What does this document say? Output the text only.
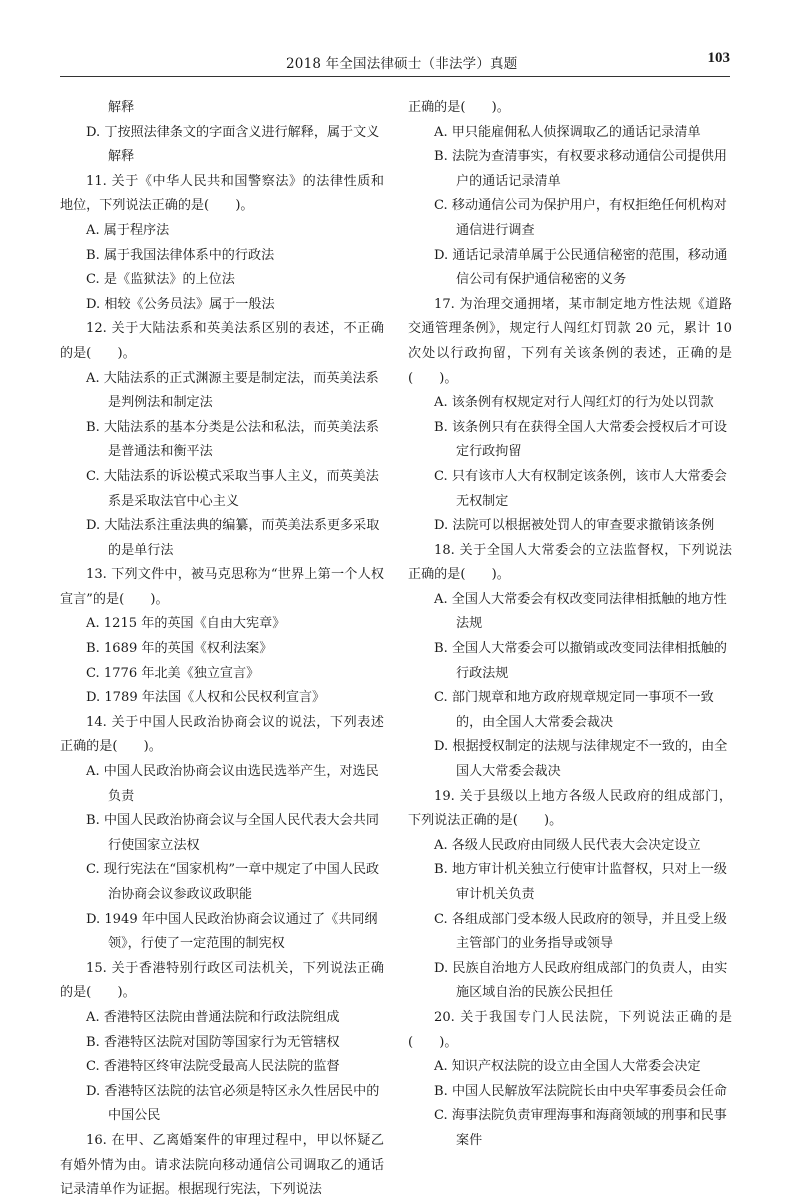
2018 年全国法律硕士（非法学）真题	103

解释

D. 丁按照法律条文的字面含义进行解释，属于文义解释

11. 关于《中华人民共和国警察法》的法律性质和地位，下列说法正确的是(　　)。

A. 属于程序法

B. 属于我国法律体系中的行政法

C. 是《监狱法》的上位法

D. 相较《公务员法》属于一般法

12. 关于大陆法系和英美法系区别的表述，不正确的是(　　)。

A. 大陆法系的正式渊源主要是制定法，而英美法系是判例法和制定法

B. 大陆法系的基本分类是公法和私法，而英美法系是普通法和衡平法

C. 大陆法系的诉讼模式采取当事人主义，而英美法系是采取法官中心主义

D. 大陆法系注重法典的编纂，而英美法系更多采取的是单行法

13. 下列文件中，被马克思称为“世界上第一个人权宣言”的是(　　)。

A. 1215 年的英国《自由大宪章》

B. 1689 年的英国《权利法案》

C. 1776 年北美《独立宣言》

D. 1789 年法国《人权和公民权利宣言》

14. 关于中国人民政治协商会议的说法，下列表述正确的是(　　)。

A. 中国人民政治协商会议由选民选举产生，对选民负责

B. 中国人民政治协商会议与全国人民代表大会共同行使国家立法权

C. 现行宪法在“国家机构”一章中规定了中国人民政治协商会议参政议政职能

D. 1949 年中国人民政治协商会议通过了《共同纲领》，行使了一定范围的制宪权

15. 关于香港特别行政区司法机关，下列说法正确的是(　　)。

A. 香港特区法院由普通法院和行政法院组成

B. 香港特区法院对国防等国家行为无管辖权

C. 香港特区终审法院受最高人民法院的监督

D. 香港特区法院的法官必须是特区永久性居民中的中国公民

16. 在甲、乙离婚案件的审理过程中，甲以怀疑乙有婚外情为由。请求法院向移动通信公司调取乙的通话记录清单作为证据。根据现行宪法，下列说法

正确的是(　　)。

A. 甲只能雇佣私人侦探调取乙的通话记录清单

B. 法院为查清事实，有权要求移动通信公司提供用户的通话记录清单

C. 移动通信公司为保护用户，有权拒绝任何机构对通信进行调查

D. 通话记录清单属于公民通信秘密的范围，移动通信公司有保护通信秘密的义务

17. 为治理交通拥堵，某市制定地方性法规《道路交通管理条例》，规定行人闯红灯罚款 20 元，累计 10 次处以行政拘留，下列有关该条例的表述，正确的是(　　)。

A. 该条例有权规定对行人闯红灯的行为处以罚款

B. 该条例只有在获得全国人大常委会授权后才可设定行政拘留

C. 只有该市人大有权制定该条例，该市人大常委会无权制定

D. 法院可以根据被处罚人的审查要求撤销该条例

18. 关于全国人大常委会的立法监督权，下列说法正确的是(　　)。

A. 全国人大常委会有权改变同法律相抵触的地方性法规

B. 全国人大常委会可以撤销或改变同法律相抵触的行政法规

C. 部门规章和地方政府规章规定同一事项不一致的，由全国人大常委会裁决

D. 根据授权制定的法规与法律规定不一致的，由全国人大常委会裁决

19. 关于县级以上地方各级人民政府的组成部门，下列说法正确的是(　　)。

A. 各级人民政府由同级人民代表大会决定设立

B. 地方审计机关独立行使审计监督权，只对上一级审计机关负责

C. 各组成部门受本级人民政府的领导，并且受上级主管部门的业务指导或领导

D. 民族自治地方人民政府组成部门的负责人，由实施区域自治的民族公民担任

20. 关于我国专门人民法院，下列说法正确的是(　　)。

A. 知识产权法院的设立由全国人大常委会决定

B. 中国人民解放军法院院长由中央军事委员会任命

C. 海事法院负责审理海事和海商领域的刑事和民事案件
